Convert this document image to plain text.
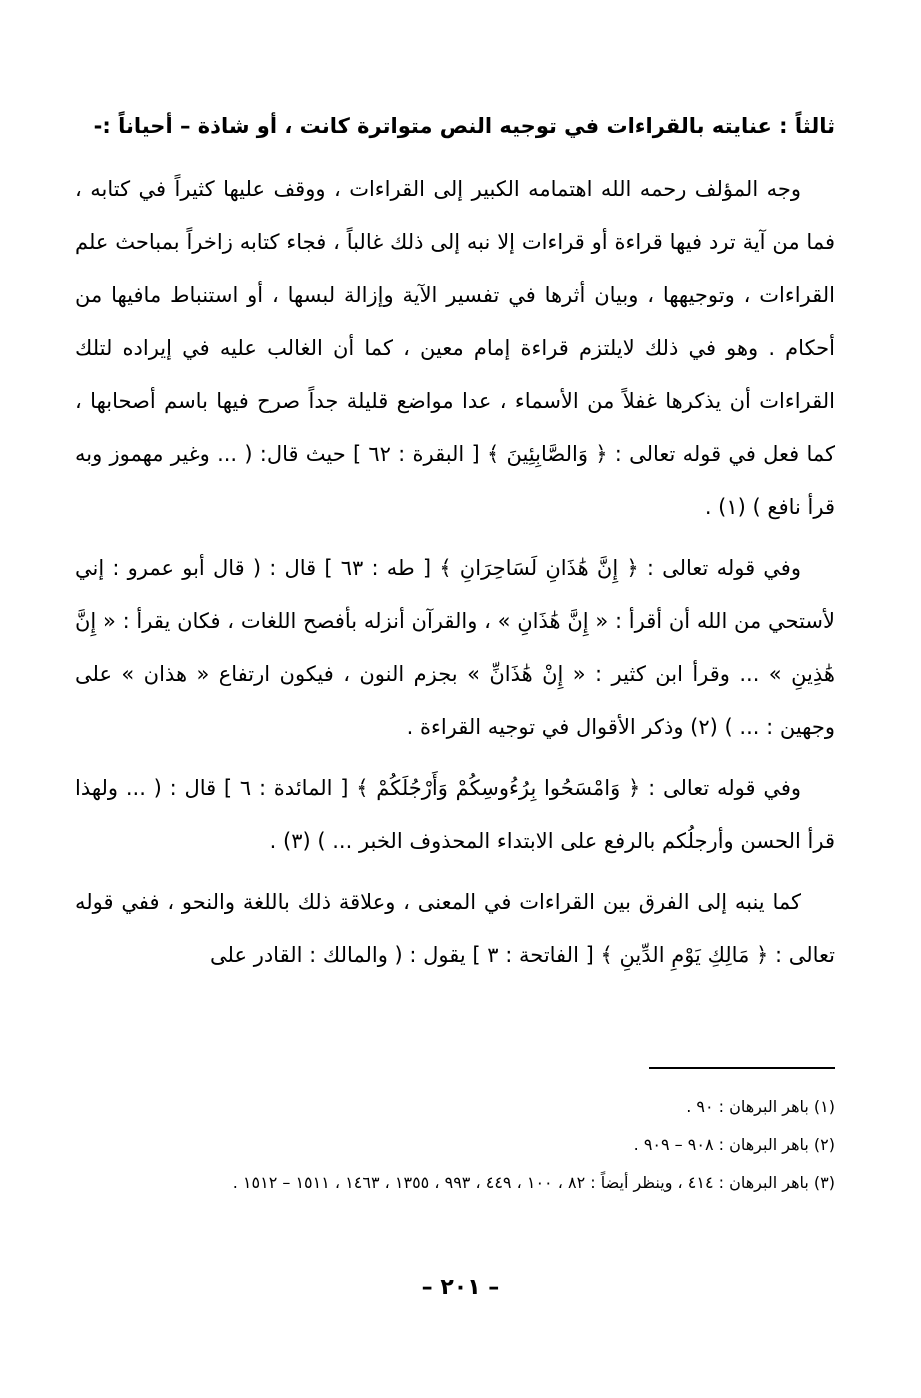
ثالثاً : عنايته بالقراءات في توجيه النص متواترة كانت ، أو شاذة – أحياناً :-

وجه المؤلف رحمه الله اهتمامه الكبير إلى القراءات ، ووقف عليها كثيراً في كتابه ، فما من آية ترد فيها قراءة أو قراءات إلا نبه إلى ذلك غالباً ، فجاء كتابه زاخراً بمباحث علم القراءات ، وتوجيهها ، وبيان أثرها في تفسير الآية وإزالة لبسها ، أو استنباط مافيها من أحكام . وهو في ذلك لايلتزم قراءة إمام معين ، كما أن الغالب عليه في إيراده لتلك القراءات أن يذكرها غفلاً من الأسماء ، عدا مواضع قليلة جداً صرح فيها باسم أصحابها ، كما فعل في قوله تعالى : ﴿ وَالصَّابِئِينَ ﴾ [ البقرة : ٦٢ ] حيث قال: ( ... وغير مهموز وبه قرأ نافع ) (١) .

وفي قوله تعالى : ﴿ إِنَّ هَٰذَانِ لَسَاحِرَانِ ﴾ [ طه : ٦٣ ] قال : ( قال أبو عمرو : إني لأستحي من الله أن أقرأ : « إِنَّ هَٰذَانِ » ، والقرآن أنزله بأفصح اللغات ، فكان يقرأ : « إِنَّ هَٰذِينِ » ... وقرأ ابن كثير : « إِنْ هَٰذَانِّ » بجزم النون ، فيكون ارتفاع « هذان » على وجهين : ... ) (٢) وذكر الأقوال في توجيه القراءة .

وفي قوله تعالى : ﴿ وَامْسَحُوا بِرُءُوسِكُمْ وَأَرْجُلَكُمْ ﴾ [ المائدة : ٦ ] قال : ( ... ولهذا قرأ الحسن وأرجلُكم بالرفع على الابتداء المحذوف الخبر ... ) (٣) .

كما ينبه إلى الفرق بين القراءات في المعنى ، وعلاقة ذلك باللغة والنحو ، ففي قوله تعالى : ﴿ مَالِكِ يَوْمِ الدِّينِ ﴾ [ الفاتحة : ٣ ] يقول : ( والمالك : القادر على

(١) باهر البرهان : ٩٠ .

(٢) باهر البرهان : ٩٠٨ – ٩٠٩ .

(٣) باهر البرهان : ٤١٤ ، وينظر أيضاً : ٨٢ ، ١٠٠ ، ٤٤٩ ، ٩٩٣ ، ١٣٥٥ ، ١٤٦٣ ، ١٥١١ – ١٥١٢ .

– ٢٠١ –
